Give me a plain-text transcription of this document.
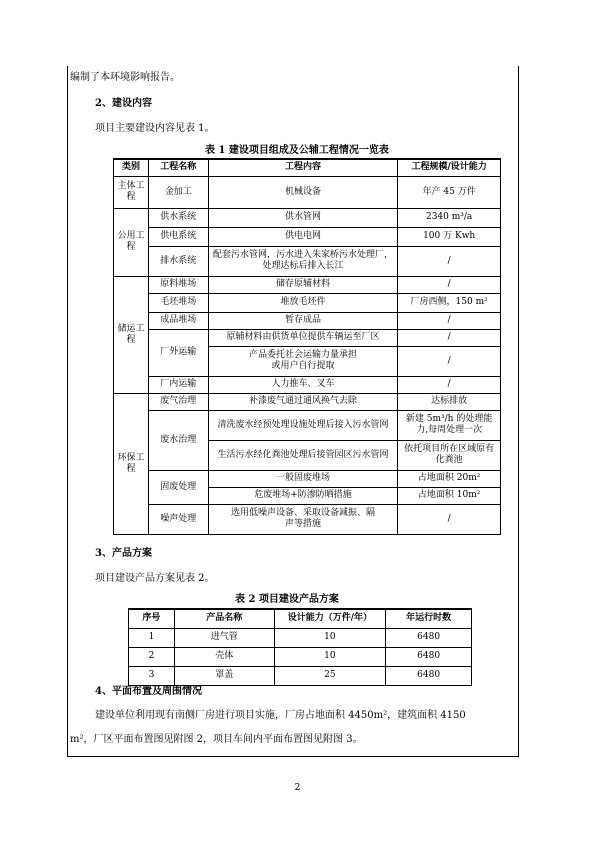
编制了本环境影响报告。
2、建设内容
项目主要建设内容见表 1。
表 1 建设项目组成及公辅工程情况一览表
类别	工程名称	工程内容	工程规模/设计能力
主体工程	金加工	机械设备	年产 45 万件
公用工程	供水系统	供水管网	2340 m³/a
	供电系统	供电电网	100 万 Kwh
	排水系统	配套污水管网，污水进入朱家桥污水处理厂，处理达标后排入长江	/
储运工程	原料堆场	储存原辅材料	/
	毛坯堆场	堆放毛坯件	厂房西侧，150 m²
	成品堆场	暂存成品	/
	厂外运输	原辅材料由供货单位提供车辆运至厂区	/
		产品委托社会运输力量承担或用户自行提取	/
	厂内运输	人力推车、叉车	/
环保工程	废气治理	补漆废气通过通风换气去除	达标排放
	废水治理	清洗废水经预处理设施处理后接入污水管网	新建 5m³/h 的处理能力,每周处理一次
		生活污水经化粪池处理后接管园区污水管网	依托项目所在区域原有化粪池
	固废处理	一般固废堆场	占地面积 20m²
		危废堆场+防渗防晒措施	占地面积 10m²
	噪声处理	选用低噪声设备、采取设备减振、隔声等措施	/
3、产品方案
项目建设产品方案见表 2。
表 2 项目建设产品方案
序号	产品名称	设计能力（万件/年）	年运行时数
1	进气管	10	6480
2	壳体	10	6480
3	罩盖	25	6480
4、平面布置及周围情况
建设单位利用现有南侧厂房进行项目实施，厂房占地面积 4450m²，建筑面积 4150
m²，厂区平面布置图见附图 2，项目车间内平面布置图见附图 3。
2
